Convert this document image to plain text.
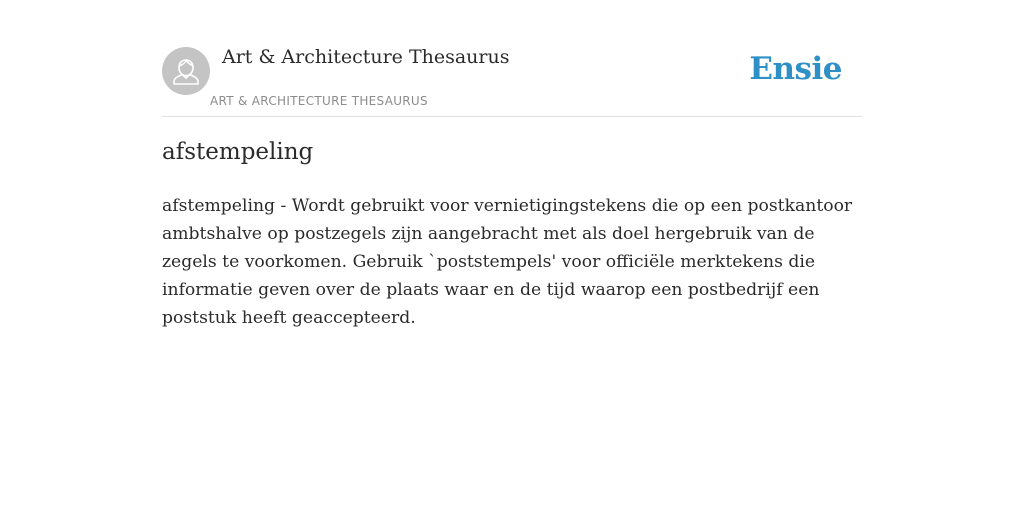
Art & Architecture Thesaurus
ART & ARCHITECTURE THESAURUS
Ensie
afstempeling

afstempeling - Wordt gebruikt voor vernietigingstekens die op een postkantoor ambtshalve op postzegels zijn aangebracht met als doel hergebruik van de zegels te voorkomen. Gebruik `poststempels' voor officiële merktekens die informatie geven over de plaats waar en de tijd waarop een postbedrijf een poststuk heeft geaccepteerd.
